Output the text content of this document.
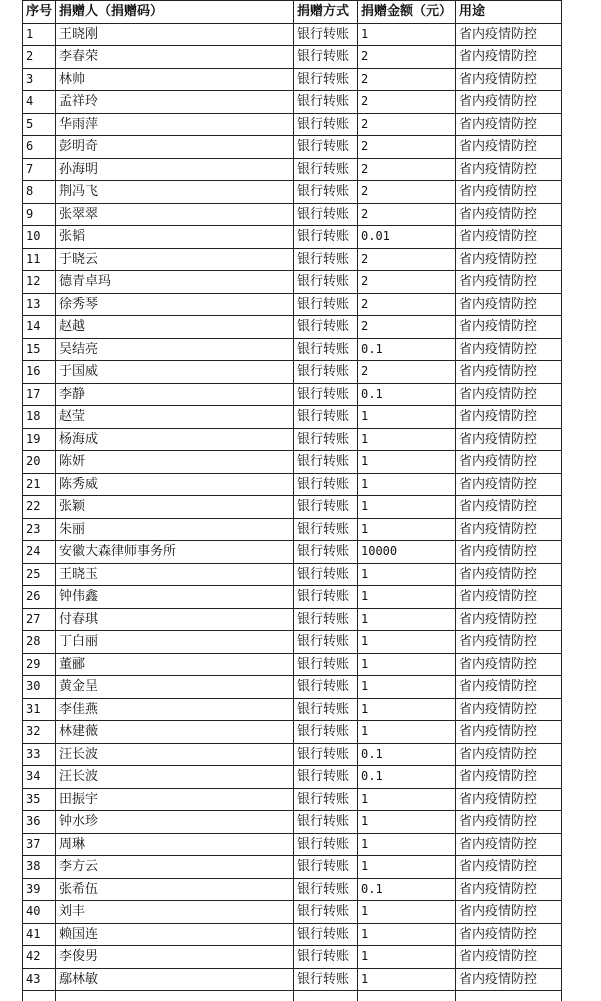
序号	捐赠人（捐赠码）	捐赠方式	捐赠金额（元）	用途
1	王晓刚	银行转账	1	省内疫情防控
2	李春荣	银行转账	2	省内疫情防控
3	林帅	银行转账	2	省内疫情防控
4	孟祥玲	银行转账	2	省内疫情防控
5	华雨萍	银行转账	2	省内疫情防控
6	彭明奇	银行转账	2	省内疫情防控
7	孙海明	银行转账	2	省内疫情防控
8	荆冯飞	银行转账	2	省内疫情防控
9	张翠翠	银行转账	2	省内疫情防控
10	张韬	银行转账	0.01	省内疫情防控
11	于晓云	银行转账	2	省内疫情防控
12	德青卓玛	银行转账	2	省内疫情防控
13	徐秀琴	银行转账	2	省内疫情防控
14	赵越	银行转账	2	省内疫情防控
15	吴结亮	银行转账	0.1	省内疫情防控
16	于国威	银行转账	2	省内疫情防控
17	李静	银行转账	0.1	省内疫情防控
18	赵莹	银行转账	1	省内疫情防控
19	杨海成	银行转账	1	省内疫情防控
20	陈妍	银行转账	1	省内疫情防控
21	陈秀威	银行转账	1	省内疫情防控
22	张颖	银行转账	1	省内疫情防控
23	朱丽	银行转账	1	省内疫情防控
24	安徽大森律师事务所	银行转账	10000	省内疫情防控
25	王晓玉	银行转账	1	省内疫情防控
26	钟伟鑫	银行转账	1	省内疫情防控
27	付春琪	银行转账	1	省内疫情防控
28	丁白丽	银行转账	1	省内疫情防控
29	董郦	银行转账	1	省内疫情防控
30	黄金呈	银行转账	1	省内疫情防控
31	李佳燕	银行转账	1	省内疫情防控
32	林建薇	银行转账	1	省内疫情防控
33	汪长波	银行转账	0.1	省内疫情防控
34	汪长波	银行转账	0.1	省内疫情防控
35	田振宇	银行转账	1	省内疫情防控
36	钟水珍	银行转账	1	省内疫情防控
37	周琳	银行转账	1	省内疫情防控
38	李方云	银行转账	1	省内疫情防控
39	张希伍	银行转账	0.1	省内疫情防控
40	刘丰	银行转账	1	省内疫情防控
41	赖国连	银行转账	1	省内疫情防控
42	李俊男	银行转账	1	省内疫情防控
43	鄢林敏	银行转账	1	省内疫情防控
